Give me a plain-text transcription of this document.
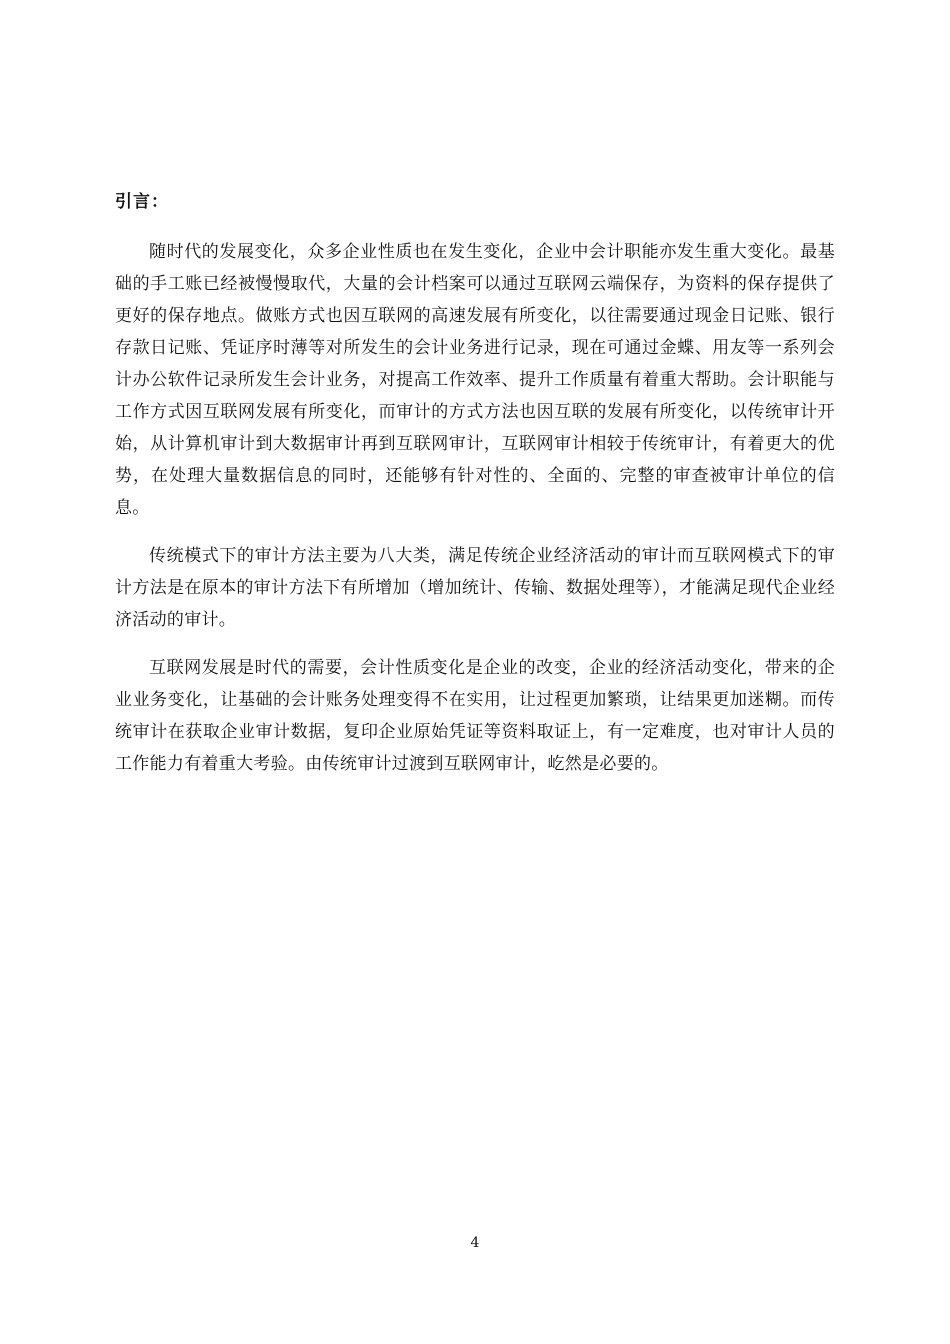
引言：

随时代的发展变化，众多企业性质也在发生变化，企业中会计职能亦发生重大变化。最基础的手工账已经被慢慢取代，大量的会计档案可以通过互联网云端保存，为资料的保存提供了更好的保存地点。做账方式也因互联网的高速发展有所变化，以往需要通过现金日记账、银行存款日记账、凭证序时薄等对所发生的会计业务进行记录，现在可通过金蝶、用友等一系列会计办公软件记录所发生会计业务，对提高工作效率、提升工作质量有着重大帮助。会计职能与工作方式因互联网发展有所变化，而审计的方式方法也因互联的发展有所变化，以传统审计开始，从计算机审计到大数据审计再到互联网审计，互联网审计相较于传统审计，有着更大的优势，在处理大量数据信息的同时，还能够有针对性的、全面的、完整的审查被审计单位的信息。

传统模式下的审计方法主要为八大类，满足传统企业经济活动的审计而互联网模式下的审计方法是在原本的审计方法下有所增加（增加统计、传输、数据处理等），才能满足现代企业经济活动的审计。

互联网发展是时代的需要，会计性质变化是企业的改变，企业的经济活动变化，带来的企业业务变化，让基础的会计账务处理变得不在实用，让过程更加繁琐，让结果更加迷糊。而传统审计在获取企业审计数据，复印企业原始凭证等资料取证上，有一定难度，也对审计人员的工作能力有着重大考验。由传统审计过渡到互联网审计，屹然是必要的。

4
